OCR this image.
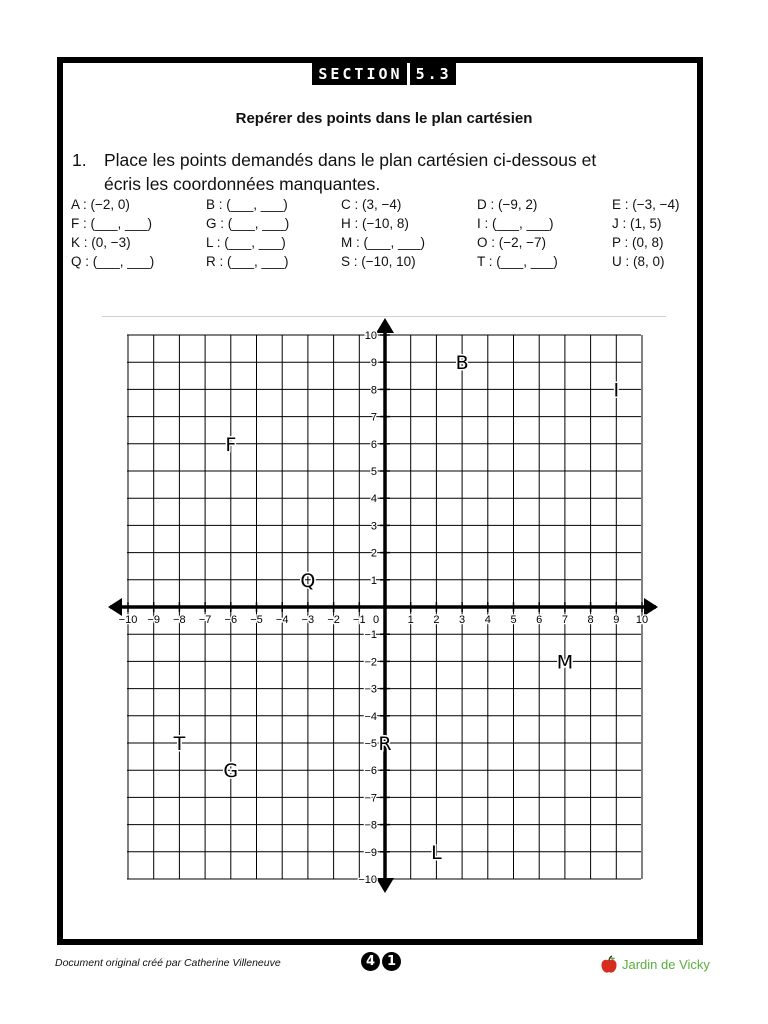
SECTION 5.3
Repérer des points dans le plan cartésien
1. Place les points demandés dans le plan cartésien ci-dessous et
écris les coordonnées manquantes.
A : (−2, 0)	B : (___, ___)	C : (3, −4)	D : (−9, 2)	E : (−3, −4)
F : (___, ___)	G : (___, ___)	H : (−10, 8)	I : (___, ___)	J : (1, 5)
K : (0, −3)	L : (___, ___)	M : (___, ___)	O : (−2, −7)	P : (0, 8)
Q : (___, ___)	R : (___, ___)	S : (−10, 10)	T : (___, ___)	U : (8, 0)
−10 −9 −8 −7 −6 −5 −4 −3 −2 −1	1 2 3 4 5 6 7 8 9 10
−10
−9
−8
−7
−6
−5
−4
−3
−2
−1
1
2
3
4
5
6
7
8
9
10
0
B
I
F
Q
M
T	R
G
L
Document original créé par Catherine Villeneuve	4 1	Jardin de Vicky
